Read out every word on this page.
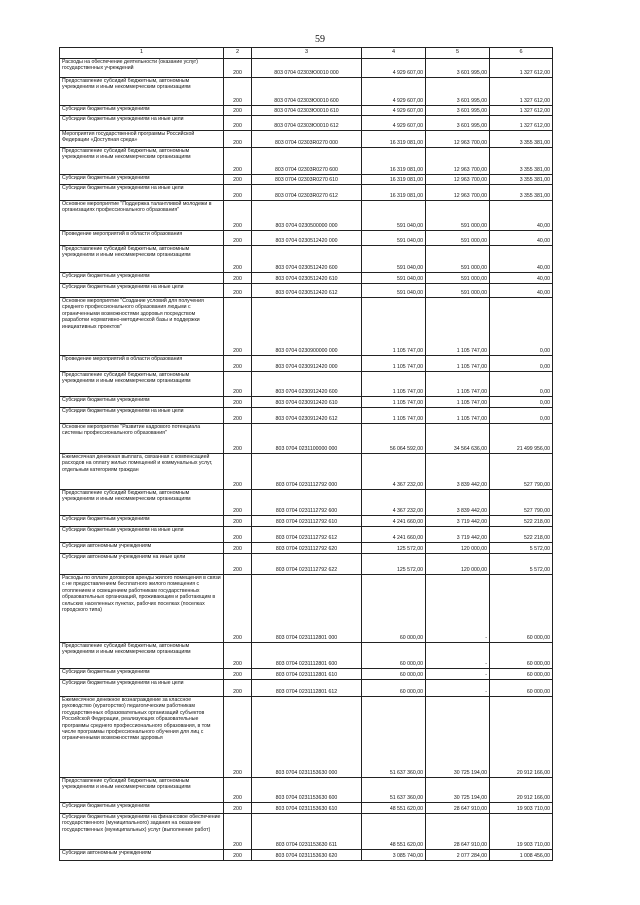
59
1	2	3	4	5	6
Расходы на обеспечение деятельности (оказание услуг) государственных учреждений	200	803 0704 02303Ю0010 000	4 929 607,00	3 601 995,00	1 327 612,00
Предоставление субсидий бюджетным, автономным учреждениям и иным некоммерческим организациям	200	803 0704 02303Ю0010 600	4 929 607,00	3 601 995,00	1 327 612,00
Субсидии бюджетным учреждениям	200	803 0704 02303Ю0010 610	4 929 607,00	3 601 995,00	1 327 612,00
Субсидии бюджетным учреждениям на иные цели	200	803 0704 02303Ю0010 612	4 929 607,00	3 601 995,00	1 327 612,00
Мероприятия государственной программы Российской Федерации «Доступная среда»	200	803 0704 02303R0270 000	16 319 081,00	12 963 700,00	3 355 381,00
Предоставление субсидий бюджетным, автономным учреждениям и иным некоммерческим организациям	200	803 0704 02303R0270 600	16 319 081,00	12 963 700,00	3 355 381,00
Субсидии бюджетным учреждениям	200	803 0704 02303R0270 610	16 319 081,00	12 963 700,00	3 355 381,00
Субсидии бюджетным учреждениям на иные цели	200	803 0704 02303R0270 612	16 319 081,00	12 963 700,00	3 355 381,00
Основное мероприятие "Поддержка талантливой молодежи в организациях профессионального образования"	200	803 0704 0230500000 000	591 040,00	591 000,00	40,00
Проведение мероприятий в области образования	200	803 0704 0230512420 000	591 040,00	591 000,00	40,00
Предоставление субсидий бюджетным, автономным учреждениям и иным некоммерческим организациям	200	803 0704 0230512420 600	591 040,00	591 000,00	40,00
Субсидии бюджетным учреждениям	200	803 0704 0230512420 610	591 040,00	591 000,00	40,00
Субсидии бюджетным учреждениям на иные цели	200	803 0704 0230512420 612	591 040,00	591 000,00	40,00
Основное мероприятие "Создание условий для получения среднего профессионального образования людьми с ограниченными возможностями здоровья посредством разработки нормативно-методической базы и поддержки инициативных проектов"	200	803 0704 0230900000 000	1 105 747,00	1 105 747,00	0,00
Проведение мероприятий в области образования	200	803 0704 0230912420 000	1 105 747,00	1 105 747,00	0,00
Предоставление субсидий бюджетным, автономным учреждениям и иным некоммерческим организациям	200	803 0704 0230912420 600	1 105 747,00	1 105 747,00	0,00
Субсидии бюджетным учреждениям	200	803 0704 0230912420 610	1 105 747,00	1 105 747,00	0,00
Субсидии бюджетным учреждениям на иные цели	200	803 0704 0230912420 612	1 105 747,00	1 105 747,00	0,00
Основное мероприятие "Развитие кадрового потенциала системы профессионального образования"	200	803 0704 0231100000 000	56 064 592,00	34 564 636,00	21 499 956,00
Ежемесячная денежная выплата, связанная с компенсацией расходов на оплату жилых помещений и коммунальных услуг, отдельным категориям граждан	200	803 0704 0231112792 000	4 367 232,00	3 839 442,00	527 790,00
Предоставление субсидий бюджетным, автономным учреждениям и иным некоммерческим организациям	200	803 0704 0231112792 600	4 367 232,00	3 839 442,00	527 790,00
Субсидии бюджетным учреждениям	200	803 0704 0231112792 610	4 241 660,00	3 719 442,00	522 218,00
Субсидии бюджетным учреждениям на иные цели	200	803 0704 0231112792 612	4 241 660,00	3 719 442,00	522 218,00
Субсидии автономным учреждениям	200	803 0704 0231112792 620	125 572,00	120 000,00	5 572,00
Субсидии автономным учреждениям на иные цели	200	803 0704 0231112792 622	125 572,00	120 000,00	5 572,00
Расходы по оплате договоров аренды жилого помещения в связи с не предоставлением бесплатного жилого помещения с отоплением и освещением работникам государственных образовательных организаций, проживающим и работающим в сельских населенных пунктах, рабочих поселках (поселках городского типа)	200	803 0704 0231112801 000	60 000,00	-	60 000,00
Предоставление субсидий бюджетным, автономным учреждениям и иным некоммерческим организациям	200	803 0704 0231112801 600	60 000,00	-	60 000,00
Субсидии бюджетным учреждениям	200	803 0704 0231112801 610	60 000,00	-	60 000,00
Субсидии бюджетным учреждениям на иные цели	200	803 0704 0231112801 612	60 000,00	-	60 000,00
Ежемесячное денежное вознаграждение за классное руководство (кураторство) педагогическим работникам государственных образовательных организаций субъектов Российской Федерации, реализующих образовательные программы среднего профессионального образования, в том числе программы профессионального обучения для лиц с ограниченными возможностями здоровья	200	803 0704 0231153630 000	51 637 360,00	30 725 194,00	20 912 166,00
Предоставление субсидий бюджетным, автономным учреждениям и иным некоммерческим организациям	200	803 0704 0231153630 600	51 637 360,00	30 725 194,00	20 912 166,00
Субсидии бюджетным учреждениям	200	803 0704 0231153630 610	48 551 620,00	28 647 910,00	19 903 710,00
Субсидии бюджетным учреждениям на финансовое обеспечение государственного (муниципального) задания на оказание государственных (муниципальных) услуг (выполнение работ)	200	803 0704 0231153630 611	48 551 620,00	28 647 910,00	19 903 710,00
Субсидии автономным учреждениям	200	803 0704 0231153630 620	3 085 740,00	2 077 284,00	1 008 456,00
